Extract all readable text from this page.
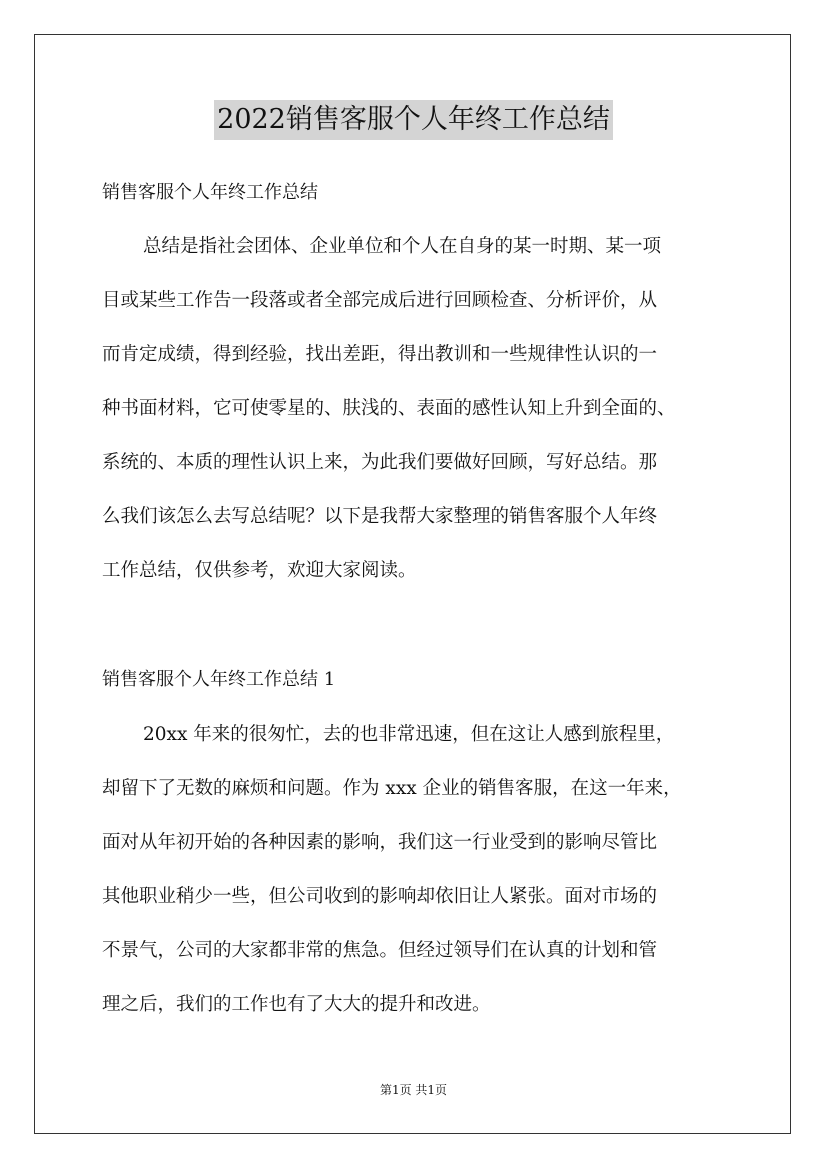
2022销售客服个人年终工作总结
销售客服个人年终工作总结
总结是指社会团体、企业单位和个人在自身的某一时期、某一项
目或某些工作告一段落或者全部完成后进行回顾检查、分析评价，从
而肯定成绩，得到经验，找出差距，得出教训和一些规律性认识的一
种书面材料，它可使零星的、肤浅的、表面的感性认知上升到全面的、
系统的、本质的理性认识上来，为此我们要做好回顾，写好总结。那
么我们该怎么去写总结呢？以下是我帮大家整理的销售客服个人年终
工作总结，仅供参考，欢迎大家阅读。
销售客服个人年终工作总结 1
20xx 年来的很匆忙，去的也非常迅速，但在这让人感到旅程里，
却留下了无数的麻烦和问题。作为 xxx 企业的销售客服，在这一年来，
面对从年初开始的各种因素的影响，我们这一行业受到的影响尽管比
其他职业稍少一些，但公司收到的影响却依旧让人紧张。面对市场的
不景气，公司的大家都非常的焦急。但经过领导们在认真的计划和管
理之后，我们的工作也有了大大的提升和改进。
第1页 共1页
